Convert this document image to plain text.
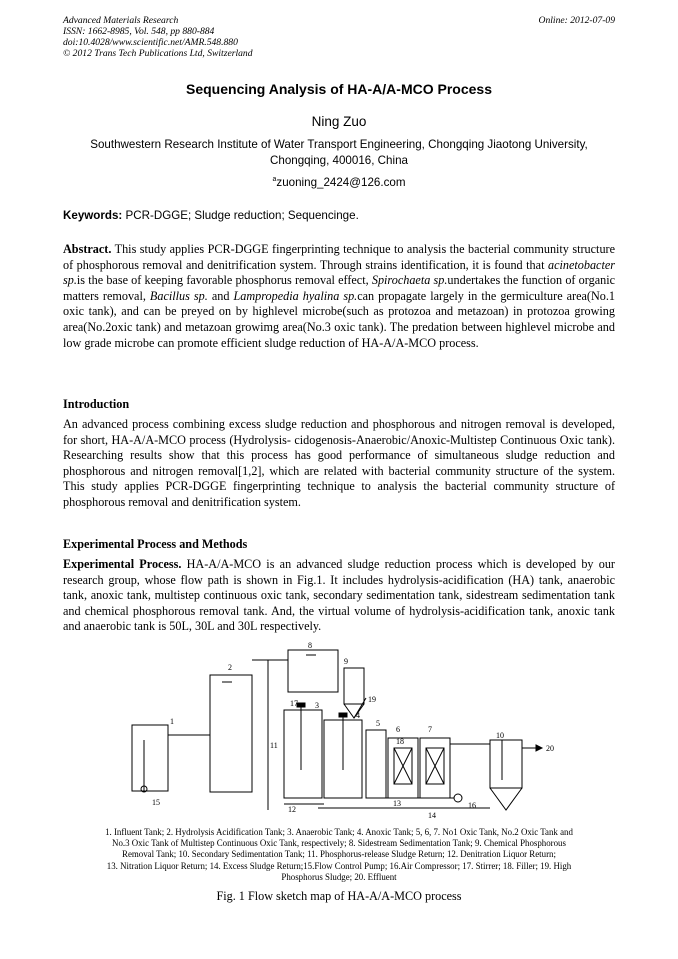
Advanced Materials Research
ISSN: 1662-8985, Vol. 548, pp 880-884
doi:10.4028/www.scientific.net/AMR.548.880
© 2012 Trans Tech Publications Ltd, Switzerland
Online: 2012-07-09
Sequencing Analysis of HA-A/A-MCO Process
Ning Zuo
Southwestern Research Institute of Water Transport Engineering, Chongqing Jiaotong University,
Chongqing, 400016, China
$^a$zuoning_2424@126.com
Keywords: PCR-DGGE; Sludge reduction; Sequencinge.
Abstract. This study applies PCR-DGGE fingerprinting technique to analysis the bacterial community structure of phosphorous removal and denitrification system. Through strains identification, it is found that acinetobacter sp.is the base of keeping favorable phosphorus removal effect, Spirochaeta sp.undertakes the function of organic matters removal, Bacillus sp. and Lampropedia hyalina sp.can propagate largely in the germiculture area(No.1 oxic tank), and can be preyed on by highlevel microbe(such as protozoa and metazoan) in protozoa growing area(No.2oxic tank) and metazoan growimg area(No.3 oxic tank). The predation between highlevel microbe and low grade microbe can promote efficient sludge reduction of HA-A/A-MCO process.
Introduction
An advanced process combining excess sludge reduction and phosphorous and nitrogen removal is developed, for short, HA-A/A-MCO process (Hydrolysis- cidogenosis-Anaerobic/Anoxic-Multistep Continuous Oxic tank). Researching results show that this process has good performance of simultaneous sludge reduction and phosphorous and nitrogen removal[1,2], which are related with bacterial community structure of the system. This study applies PCR-DGGE fingerprinting technique to analysis the bacterial community structure of phosphorous removal and denitrification system.
Experimental Process and Methods
Experimental Process. HA-A/A-MCO is an advanced sludge reduction process which is developed by our research group, whose flow path is shown in Fig.1. It includes hydrolysis-acidification (HA) tank, anaerobic tank, anoxic tank, multistep continuous oxic tank, secondary sedimentation tank, sidestream sedimentation tank and chemical phosphorous removal tank. And, the virtual volume of hydrolysis-acidification tank, anoxic tank and anaerobic tank is 50L, 30L and 30L respectively.
1
2
3
4
5
6	7
8
9
10
11
12
13
14
15	16
17
18
19
20
1. Influent Tank; 2. Hydrolysis Acidification Tank; 3. Anaerobic Tank; 4. Anoxic Tank; 5, 6, 7. No1 Oxic Tank, No.2 Oxic Tank and
No.3 Oxic Tank of Multistep Continuous Oxic Tank, respectively; 8. Sidestream Sedimentation Tank; 9. Chemical Phosphorous
Removal Tank; 10. Secondary Sedimentation Tank; 11. Phosphorus-release Sludge Return; 12. Denitration Liquor Return;
13. Nitration Liquor Return; 14. Excess Sludge Return;15.Flow Control Pump; 16.Air Compressor; 17. Stirrer; 18. Filler; 19. High
Phosphorus Sludge; 20. Effluent
Fig. 1 Flow sketch map of HA-A/A-MCO process
